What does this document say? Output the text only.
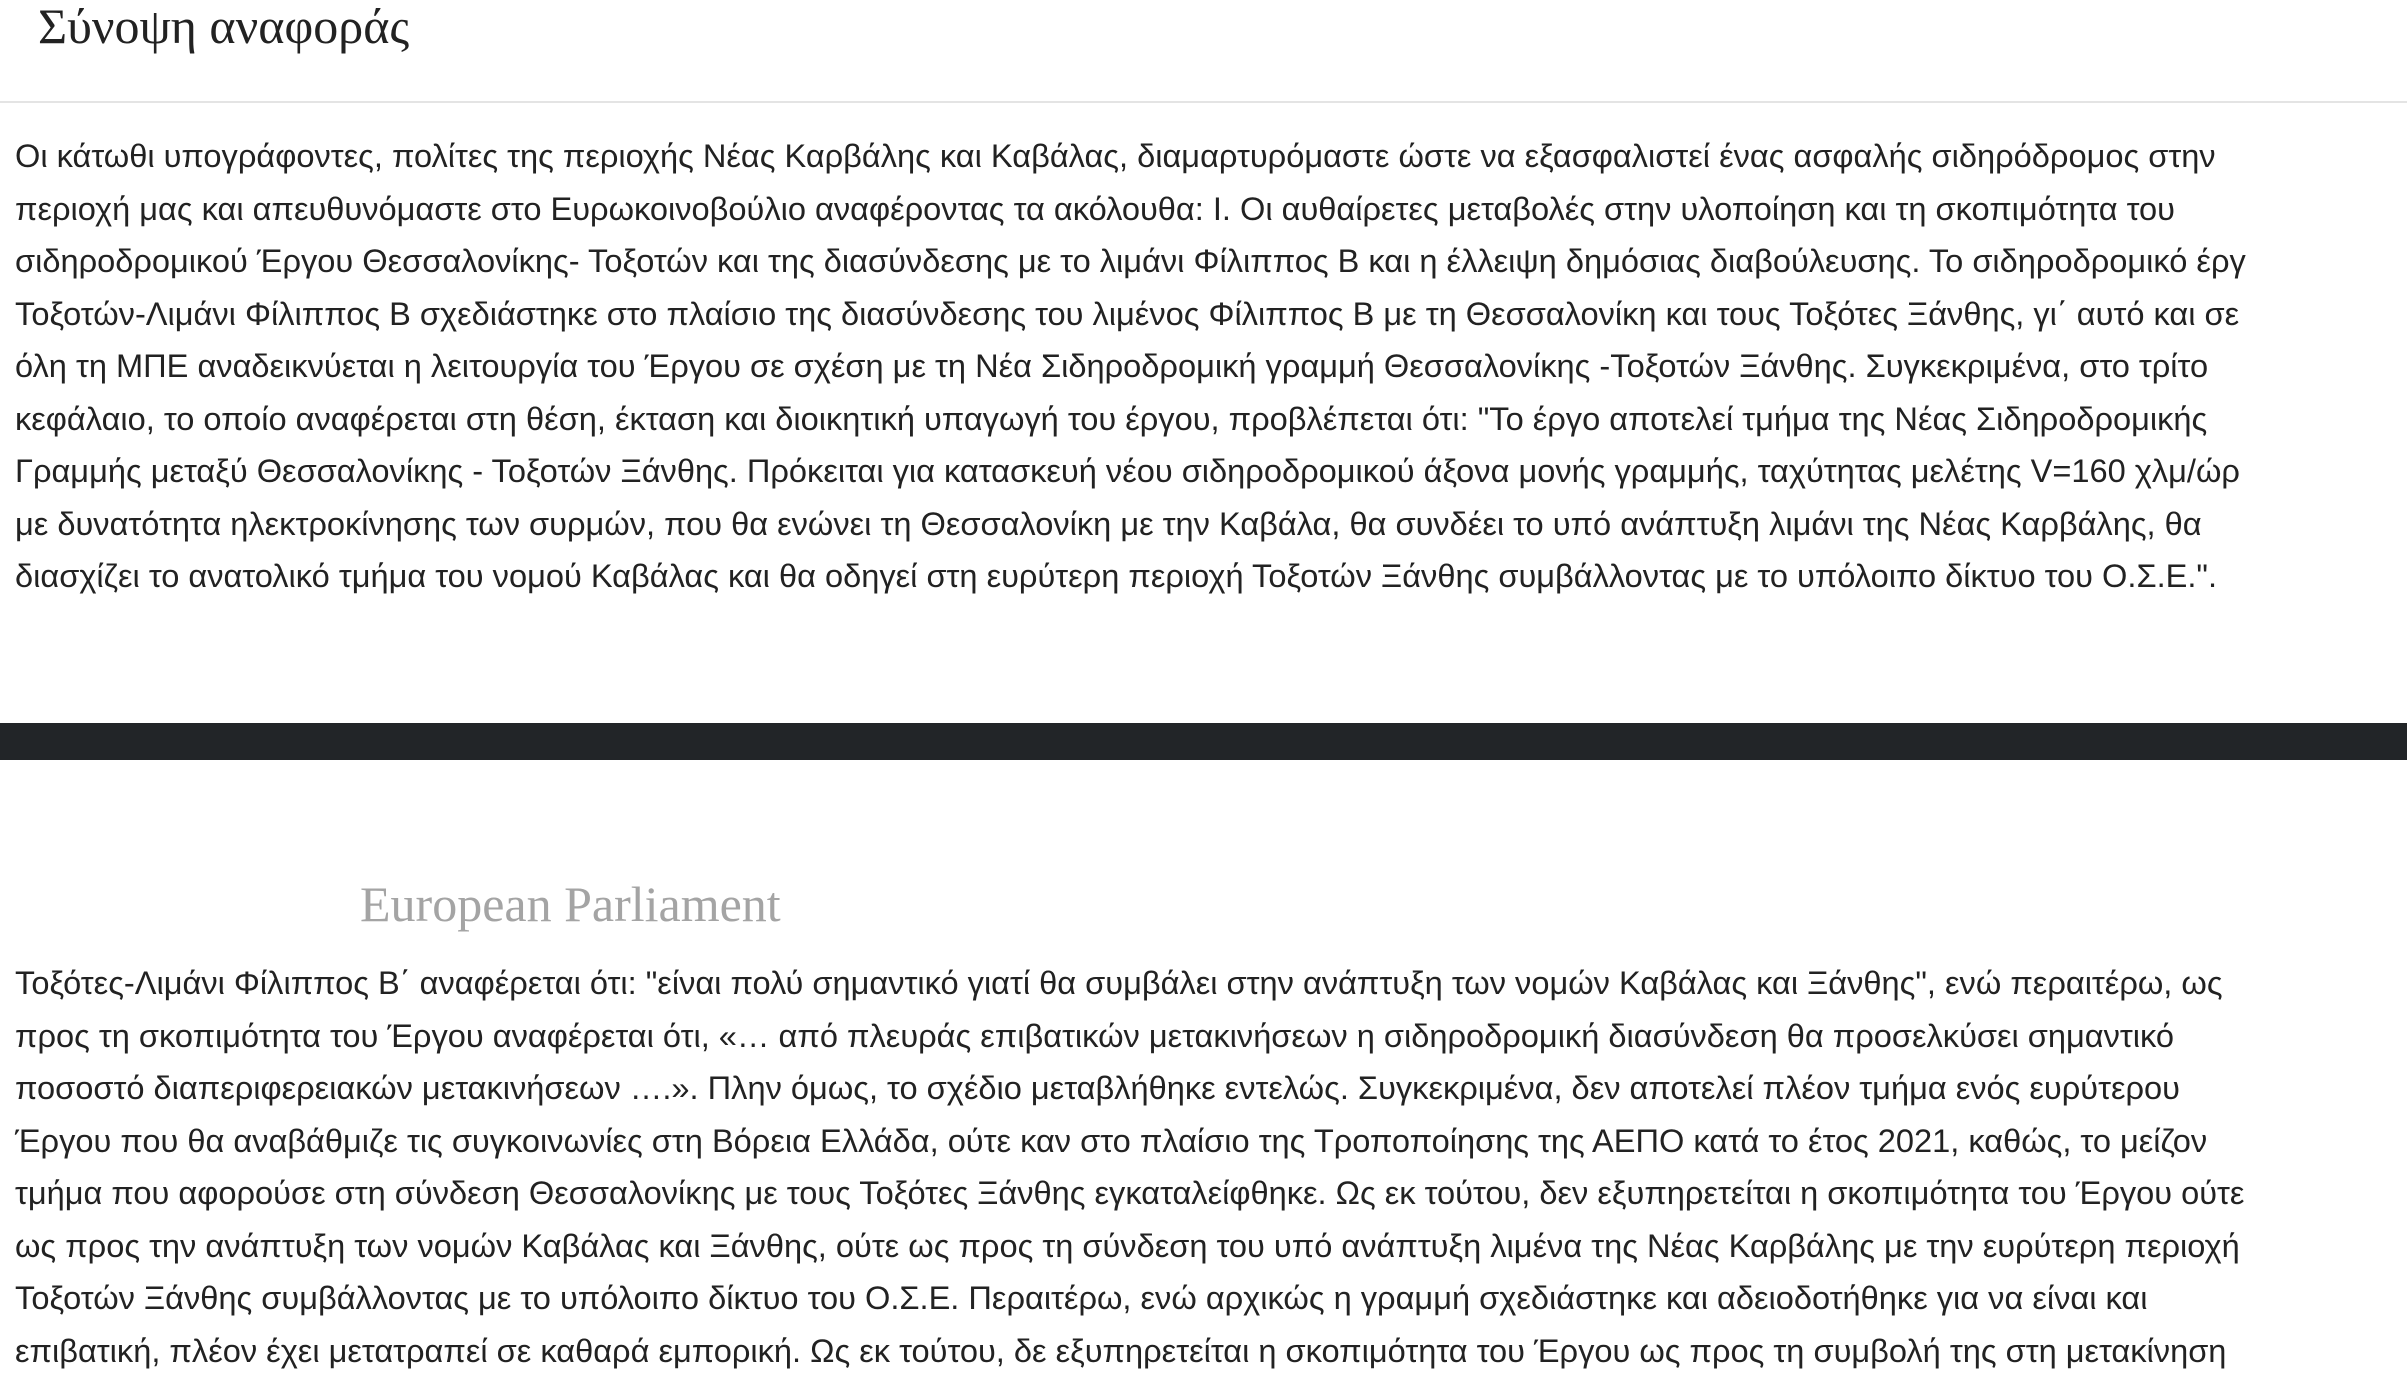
Σύνοψη αναφοράς

Οι κάτωθι υπογράφοντες, πολίτες της περιοχής Νέας Καρβάλης και Καβάλας, διαμαρτυρόμαστε ώστε να εξασφαλιστεί ένας ασφαλής σιδηρόδρομος στην
περιοχή μας και απευθυνόμαστε στο Ευρωκοινοβούλιο αναφέροντας τα ακόλουθα: Ι. Οι αυθαίρετες μεταβολές στην υλοποίηση και τη σκοπιμότητα του
σιδηροδρομικού Έργου Θεσσαλονίκης- Τοξοτών και της διασύνδεσης με το λιμάνι Φίλιππος Β και η έλλειψη δημόσιας διαβούλευσης. Το σιδηροδρομικό έργ
Τοξοτών-Λιμάνι Φίλιππος Β σχεδιάστηκε στο πλαίσιο της διασύνδεσης του λιμένος Φίλιππος Β με τη Θεσσαλονίκη και τους Τοξότες Ξάνθης, γι΄ αυτό και σε
όλη τη ΜΠΕ αναδεικνύεται η λειτουργία του Έργου σε σχέση με τη Νέα Σιδηροδρομική γραμμή Θεσσαλονίκης -Τοξοτών Ξάνθης. Συγκεκριμένα, στο τρίτο
κεφάλαιο, το οποίο αναφέρεται στη θέση, έκταση και διοικητική υπαγωγή του έργου, προβλέπεται ότι: "Το έργο αποτελεί τμήμα της Νέας Σιδηροδρομικής
Γραμμής μεταξύ Θεσσαλονίκης - Τοξοτών Ξάνθης. Πρόκειται για κατασκευή νέου σιδηροδρομικού άξονα μονής γραμμής, ταχύτητας μελέτης V=160 χλμ/ώρ
με δυνατότητα ηλεκτροκίνησης των συρμών, που θα ενώνει τη Θεσσαλονίκη με την Καβάλα, θα συνδέει το υπό ανάπτυξη λιμάνι της Νέας Καρβάλης, θα
διασχίζει το ανατολικό τμήμα του νομού Καβάλας και θα οδηγεί στη ευρύτερη περιοχή Τοξοτών Ξάνθης συμβάλλοντας με το υπόλοιπο δίκτυο του Ο.Σ.Ε.".

European Parliament

Τοξότες-Λιμάνι Φίλιππος Β΄ αναφέρεται ότι: "είναι πολύ σημαντικό γιατί θα συμβάλει στην ανάπτυξη των νομών Καβάλας και Ξάνθης", ενώ περαιτέρω, ως
προς τη σκοπιμότητα του Έργου αναφέρεται ότι, «… από πλευράς επιβατικών μετακινήσεων η σιδηροδρομική διασύνδεση θα προσελκύσει σημαντικό
ποσοστό διαπεριφερειακών μετακινήσεων ….». Πλην όμως, το σχέδιο μεταβλήθηκε εντελώς. Συγκεκριμένα, δεν αποτελεί πλέον τμήμα ενός ευρύτερου
Έργου που θα αναβάθμιζε τις συγκοινωνίες στη Βόρεια Ελλάδα, ούτε καν στο πλαίσιο της Τροποποίησης της ΑΕΠΟ κατά το έτος 2021, καθώς, το μείζον
τμήμα που αφορούσε στη σύνδεση Θεσσαλονίκης με τους Τοξότες Ξάνθης εγκαταλείφθηκε. Ως εκ τούτου, δεν εξυπηρετείται η σκοπιμότητα του Έργου ούτε
ως προς την ανάπτυξη των νομών Καβάλας και Ξάνθης, ούτε ως προς τη σύνδεση του υπό ανάπτυξη λιμένα της Νέας Καρβάλης με την ευρύτερη περιοχή
Τοξοτών Ξάνθης συμβάλλοντας με το υπόλοιπο δίκτυο του Ο.Σ.Ε. Περαιτέρω, ενώ αρχικώς η γραμμή σχεδιάστηκε και αδειοδοτήθηκε για να είναι και
επιβατική, πλέον έχει μετατραπεί σε καθαρά εμπορική. Ως εκ τούτου, δε εξυπηρετείται η σκοπιμότητα του Έργου ως προς τη συμβολή της στη μετακίνηση
